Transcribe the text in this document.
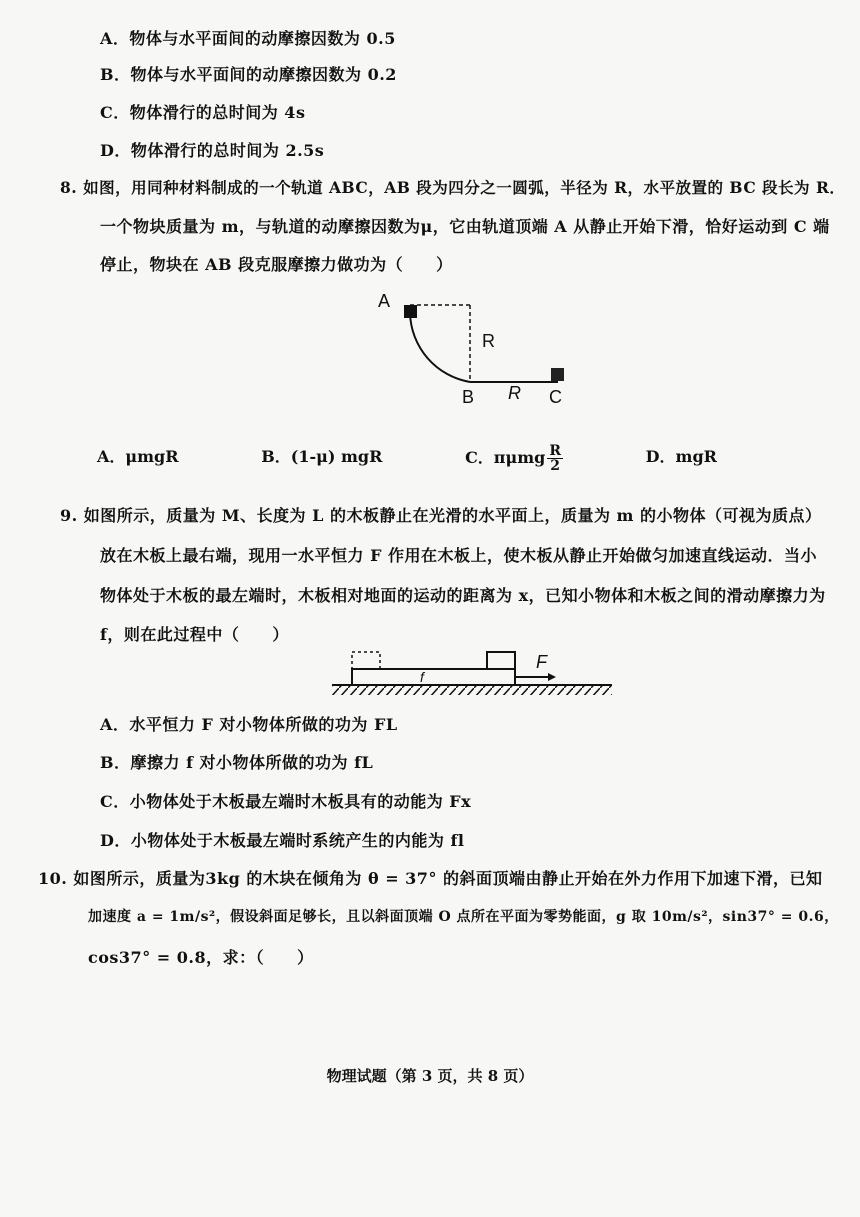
A．物体与水平面间的动摩擦因数为 0.5
B．物体与水平面间的动摩擦因数为 0.2
C．物体滑行的总时间为 4s
D．物体滑行的总时间为 2.5s
8. 如图，用同种材料制成的一个轨道 ABC，AB 段为四分之一圆弧，半径为 R，水平放置的 BC 段长为 R．
一个物块质量为 m，与轨道的动摩擦因数为μ，它由轨道顶端 A 从静止开始下滑，恰好运动到 C 端
停止，物块在 AB 段克服摩擦力做功为（　　）
A
R
B R C
A．μmgR	B．(1-μ) mgR	C．πμmg $\frac{R}{2}$	D．mgR
9. 如图所示，质量为 M、长度为 L 的木板静止在光滑的水平面上，质量为 m 的小物体（可视为质点）
放在木板上最右端，现用一水平恒力 F 作用在木板上，使木板从静止开始做匀加速直线运动．当小
物体处于木板的最左端时，木板相对地面的运动的距离为 x，已知小物体和木板之间的滑动摩擦力为
f，则在此过程中（　　）
F
f
A．水平恒力 F 对小物体所做的功为 FL
B．摩擦力 f 对小物体所做的功为 fL
C．小物体处于木板最左端时木板具有的动能为 Fx
D．小物体处于木板最左端时系统产生的内能为 fl
10. 如图所示，质量为3kg 的木块在倾角为 θ = 37° 的斜面顶端由静止开始在外力作用下加速下滑，已知
加速度 a = 1m/s²，假设斜面足够长，且以斜面顶端 O 点所在平面为零势能面，g 取 10m/s²，sin37° = 0.6，
cos37° = 0.8，求：（　　）
物理试题（第 3 页，共 8 页）
